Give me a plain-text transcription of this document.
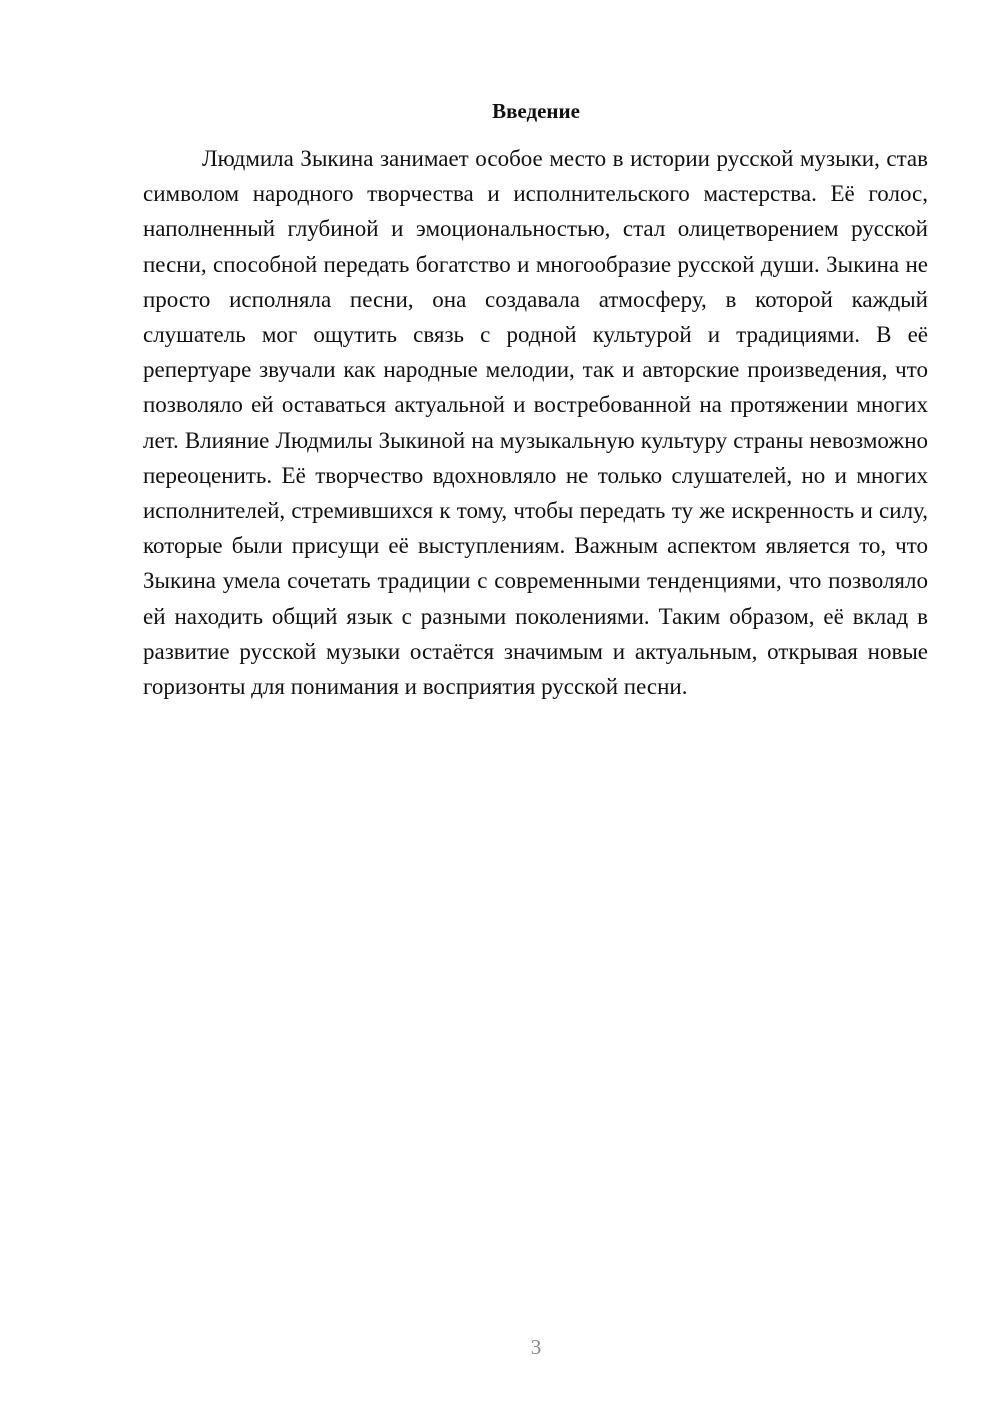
Введение

Людмила Зыкина занимает особое место в истории русской музыки, став символом народного творчества и исполнительского мастерства. Её голос, наполненный глубиной и эмоциональностью, стал олицетворением русской песни, способной передать богатство и многообразие русской души. Зыкина не просто исполняла песни, она создавала атмосферу, в которой каждый слушатель мог ощутить связь с родной культурой и традициями. В её репертуаре звучали как народные мелодии, так и авторские произведения, что позволяло ей оставаться актуальной и востребованной на протяжении многих лет. Влияние Людмилы Зыкиной на музыкальную культуру страны невозможно переоценить. Её творчество вдохновляло не только слушателей, но и многих исполнителей, стремившихся к тому, чтобы передать ту же искренность и силу, которые были присущи её выступлениям. Важным аспектом является то, что Зыкина умела сочетать традиции с современными тенденциями, что позволяло ей находить общий язык с разными поколениями. Таким образом, её вклад в развитие русской музыки остаётся значимым и актуальным, открывая новые горизонты для понимания и восприятия русской песни.

3
